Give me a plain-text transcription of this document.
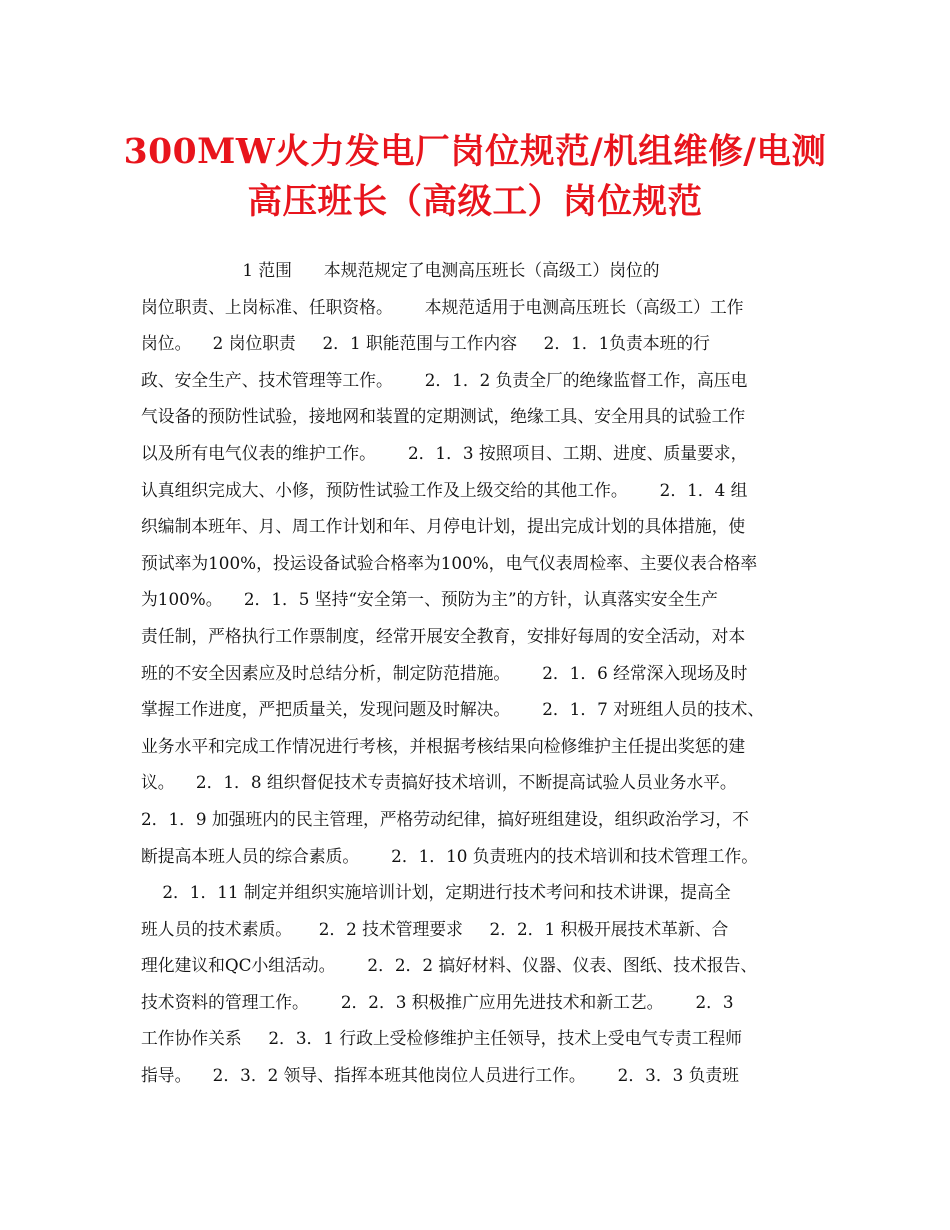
300MW火力发电厂岗位规范/机组维修/电测
高压班长（高级工）岗位规范
1 范围      本规范规定了电测高压班长（高级工）岗位的
岗位职责、上岗标准、任职资格。      本规范适用于电测高压班长（高级工）工作
岗位。    2 岗位职责     2．1 职能范围与工作内容     2．1．1负责本班的行
政、安全生产、技术管理等工作。      2．1．2 负责全厂的绝缘监督工作，高压电
气设备的预防性试验，接地网和装置的定期测试，绝缘工具、安全用具的试验工作
以及所有电气仪表的维护工作。      2．1．3 按照项目、工期、进度、质量要求，
认真组织完成大、小修，预防性试验工作及上级交给的其他工作。      2．1．4 组
织编制本班年、月、周工作计划和年、月停电计划，提出完成计划的具体措施，使
预试率为100%，投运设备试验合格率为100%，电气仪表周检率、主要仪表合格率
为100%。    2．1．5 坚持“安全第一、预防为主”的方针，认真落实安全生产
责任制，严格执行工作票制度，经常开展安全教育，安排好每周的安全活动，对本
班的不安全因素应及时总结分析，制定防范措施。      2．1．6 经常深入现场及时
掌握工作进度，严把质量关，发现问题及时解决。      2．1．7 对班组人员的技术、
业务水平和完成工作情况进行考核，并根据考核结果向检修维护主任提出奖惩的建
议。    2．1．8 组织督促技术专责搞好技术培训，不断提高试验人员业务水平。
2．1．9 加强班内的民主管理，严格劳动纪律，搞好班组建设，组织政治学习，不
断提高本班人员的综合素质。      2．1．10 负责班内的技术培训和技术管理工作。
2．1．11 制定并组织实施培训计划，定期进行技术考问和技术讲课，提高全
班人员的技术素质。     2．2 技术管理要求     2．2．1 积极开展技术革新、合
理化建议和QC小组活动。      2．2．2 搞好材料、仪器、仪表、图纸、技术报告、
技术资料的管理工作。      2．2．3 积极推广应用先进技术和新工艺。      2．3
工作协作关系     2．3．1 行政上受检修维护主任领导，技术上受电气专责工程师
指导。    2．3．2 领导、指挥本班其他岗位人员进行工作。      2．3．3 负责班
